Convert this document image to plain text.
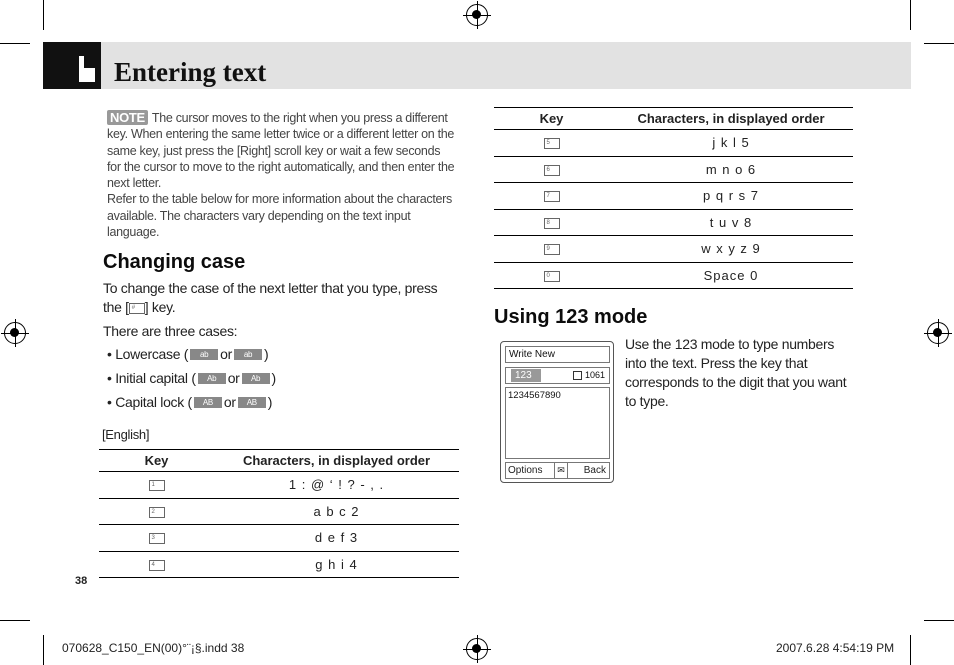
Entering text
NOTE The cursor moves to the right when you press a different key. When entering the same letter twice or a different letter on the same key, just press the [Right] scroll key or wait a few seconds for the cursor to move to the right automatically, and then enter the next letter.
Refer to the table below for more information about the characters available. The characters vary depending on the text input language.
Changing case
To change the case of the next letter that you type, press the [ # ] key.
There are three cases:
• Lowercase (	ab or	ab )
• Initial capital (	Ab or	Ab )
• Capital lock (	AB or	AB )
[English]
Key	Characters, in displayed order
1	1 : @ ‘ ! ? - , .
2	a b c 2
3	d e f 3
4	g h i 4
Key	Characters, in displayed order
5	j k l 5
6	m n o 6
7	p q r s 7
8	t u v 8
9	w x y z 9
0	Space 0
Using 123 mode
Write New
123	1061
1234567890
Options	✉	Back
Use the 123 mode to type numbers into the text. Press the key that corresponds to the digit that you want to type.
38
070628_C150_EN(00)°¨¡§.indd 38	2007.6.28 4:54:19 PM
